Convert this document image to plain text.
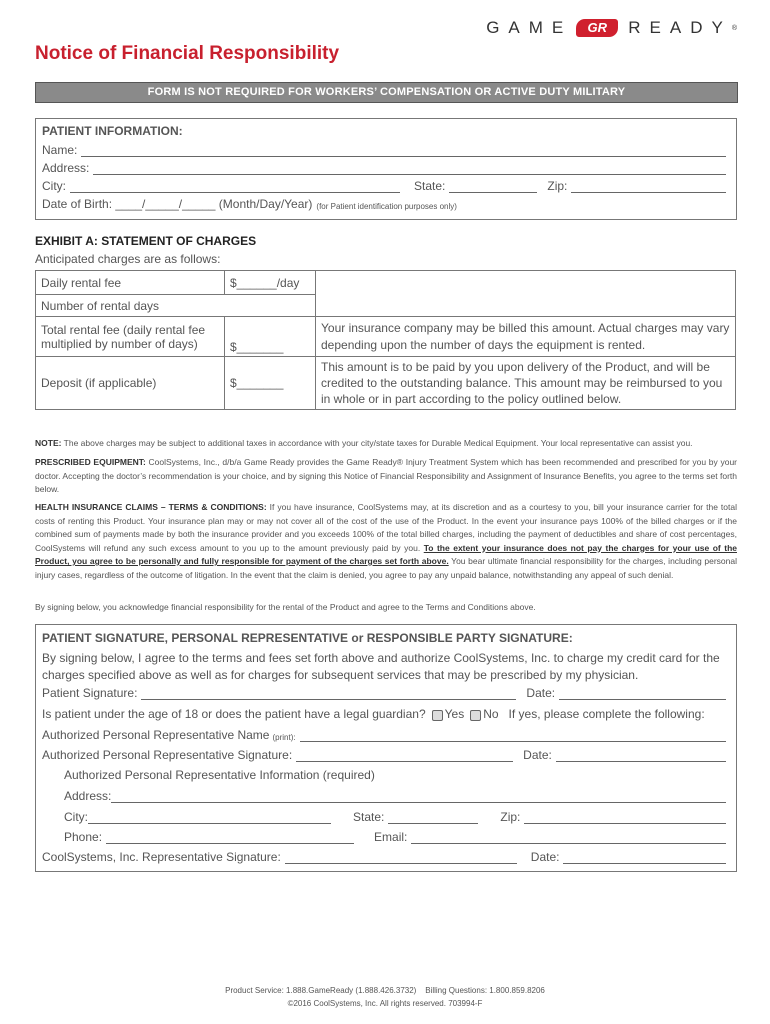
GAME	GR	READY ®
Notice of Financial Responsibility
FORM IS NOT REQUIRED FOR WORKERS’ COMPENSATION OR ACTIVE DUTY MILITARY
PATIENT INFORMATION:
Name:
Address:
City:	State:	Zip:
Date of Birth: ____/_____/_____ (Month/Day/Year) (for Patient identification purposes only)
EXHIBIT A: STATEMENT OF CHARGES
Anticipated charges are as follows:
Daily rental fee	$______/day	
Number of rental days		
Total rental fee (daily rental fee multiplied by number of days)	$_______	Your insurance company may be billed this amount. Actual charges may vary depending upon the number of days the equipment is rented.
Deposit (if applicable)	$_______	This amount is to be paid by you upon delivery of the Product, and will be credited to the outstanding balance. This amount may be reimbursed to you in whole or in part according to the policy outlined below.
NOTE: The above charges may be subject to additional taxes in accordance with your city/state taxes for Durable Medical Equipment. Your local representative can assist you.
PRESCRIBED EQUIPMENT: CoolSystems, Inc., d/b/a Game Ready provides the Game Ready® Injury Treatment System which has been recommended and prescribed for you by your doctor. Accepting the doctor’s recommendation is your choice, and by signing this Notice of Financial Responsibility and Assignment of Insurance Benefits, you agree to the terms set forth below.
HEALTH INSURANCE CLAIMS – TERMS & CONDITIONS: If you have insurance, CoolSystems may, at its discretion and as a courtesy to you, bill your insurance carrier for the total costs of renting this Product. Your insurance plan may or may not cover all of the cost of the use of the Product. In the event your insurance pays 100% of the billed charges or if the combined sum of payments made by both the insurance provider and you exceeds 100% of the total billed charges, including the payment of deductibles and share of cost percentages, CoolSystems will refund any such excess amount to you up to the amount previously paid by you. To the extent your insurance does not pay the charges for your use of the Product, you agree to be personally and fully responsible for payment of the charges set forth above. You bear ultimate financial responsibility for the charges, including personal injury cases, regardless of the outcome of litigation. In the event that the claim is denied, you agree to pay any unpaid balance, notwithstanding any appeal of such denial.
By signing below, you acknowledge financial responsibility for the rental of the Product and agree to the Terms and Conditions above.
PATIENT SIGNATURE, PERSONAL REPRESENTATIVE or RESPONSIBLE PARTY SIGNATURE:
By signing below, I agree to the terms and fees set forth above and authorize CoolSystems, Inc. to charge my credit card for the charges specified above as well as for charges for subsequent services that may be prescribed by my physician.
Patient Signature:	Date:
Is patient under the age of 18 or does the patient have a legal guardian? Yes No If yes, please complete the following:
Authorized Personal Representative Name (print):
Authorized Personal Representative Signature:	Date:
Authorized Personal Representative Information (required)
Address:
City:	State:	Zip:
Phone:	Email:
CoolSystems, Inc. Representative Signature:	Date:
Product Service: 1.888.GameReady (1.888.426.3732)    Billing Questions: 1.800.859.8206
©2016 CoolSystems, Inc. All rights reserved. 703994-F
